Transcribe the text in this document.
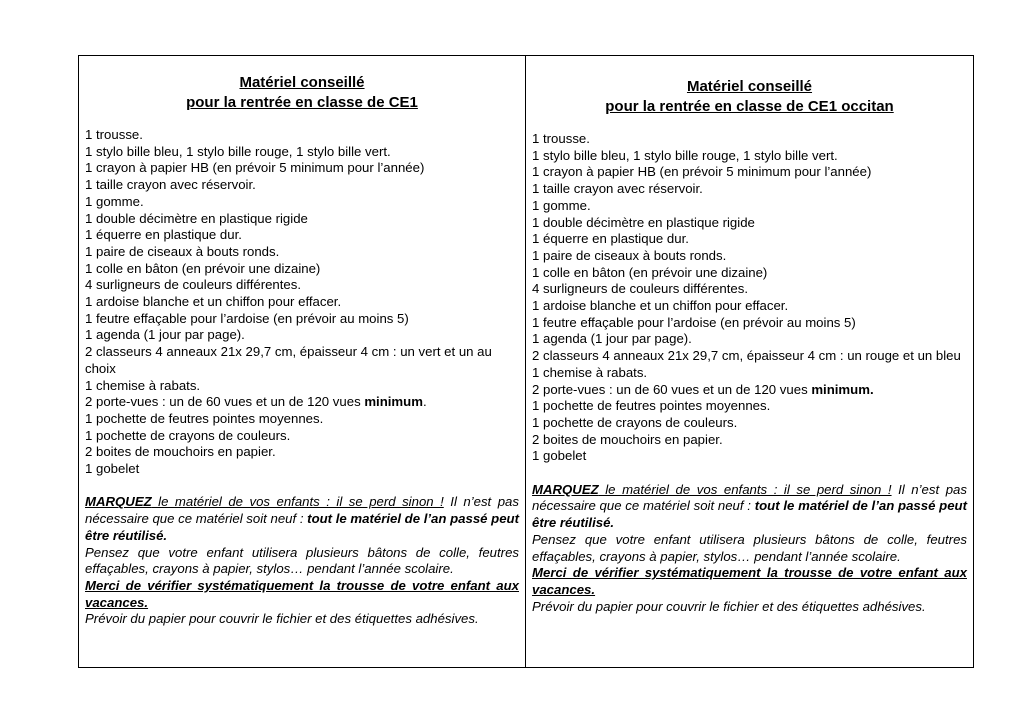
Matériel conseillé
pour la rentrée en classe de CE1
1 trousse.
1 stylo bille bleu, 1 stylo bille rouge, 1 stylo bille vert.
1 crayon à papier HB (en prévoir 5 minimum pour l’année)
1 taille crayon avec réservoir.
1 gomme.
1 double décimètre en plastique rigide
1 équerre en plastique dur.
1 paire de ciseaux à bouts ronds.
1 colle en bâton (en prévoir une dizaine)
4 surligneurs de couleurs différentes.
1 ardoise blanche et un chiffon pour effacer.
1 feutre effaçable pour l’ardoise (en prévoir au moins 5)
1 agenda (1 jour par page).
2 classeurs 4 anneaux 21x 29,7 cm, épaisseur 4 cm : un vert et un au choix
1 chemise à rabats.
2 porte-vues : un de 60 vues et un de 120 vues minimum.
1 pochette de feutres pointes moyennes.
1 pochette de crayons de couleurs.
2 boites de mouchoirs en papier.
1 gobelet
MARQUEZ le matériel de vos enfants : il se perd sinon ! Il n’est pas nécessaire que ce matériel soit neuf : tout le matériel de l’an passé peut être réutilisé.
Pensez que votre enfant utilisera plusieurs bâtons de colle, feutres effaçables, crayons à papier, stylos… pendant l’année scolaire.
Merci de vérifier systématiquement la trousse de votre enfant aux vacances.
Prévoir du papier pour couvrir le fichier et des étiquettes adhésives.
Matériel conseillé
pour la rentrée en classe de CE1 occitan
1 trousse.
1 stylo bille bleu, 1 stylo bille rouge, 1 stylo bille vert.
1 crayon à papier HB (en prévoir 5 minimum pour l’année)
1 taille crayon avec réservoir.
1 gomme.
1 double décimètre en plastique rigide
1 équerre en plastique dur.
1 paire de ciseaux à bouts ronds.
1 colle en bâton (en prévoir une dizaine)
4 surligneurs de couleurs différentes.
1 ardoise blanche et un chiffon pour effacer.
1 feutre effaçable pour l’ardoise (en prévoir au moins 5)
1 agenda (1 jour par page).
2 classeurs 4 anneaux 21x 29,7 cm, épaisseur 4 cm : un rouge et un bleu
1 chemise à rabats.
2 porte-vues : un de 60 vues et un de 120 vues minimum.
1 pochette de feutres pointes moyennes.
1 pochette de crayons de couleurs.
2 boites de mouchoirs en papier.
1 gobelet
MARQUEZ le matériel de vos enfants : il se perd sinon ! Il n’est pas nécessaire que ce matériel soit neuf : tout le matériel de l’an passé peut être réutilisé.
Pensez que votre enfant utilisera plusieurs bâtons de colle, feutres effaçables, crayons à papier, stylos… pendant l’année scolaire.
Merci de vérifier systématiquement la trousse de votre enfant aux vacances.
Prévoir du papier pour couvrir le fichier et des étiquettes adhésives.
